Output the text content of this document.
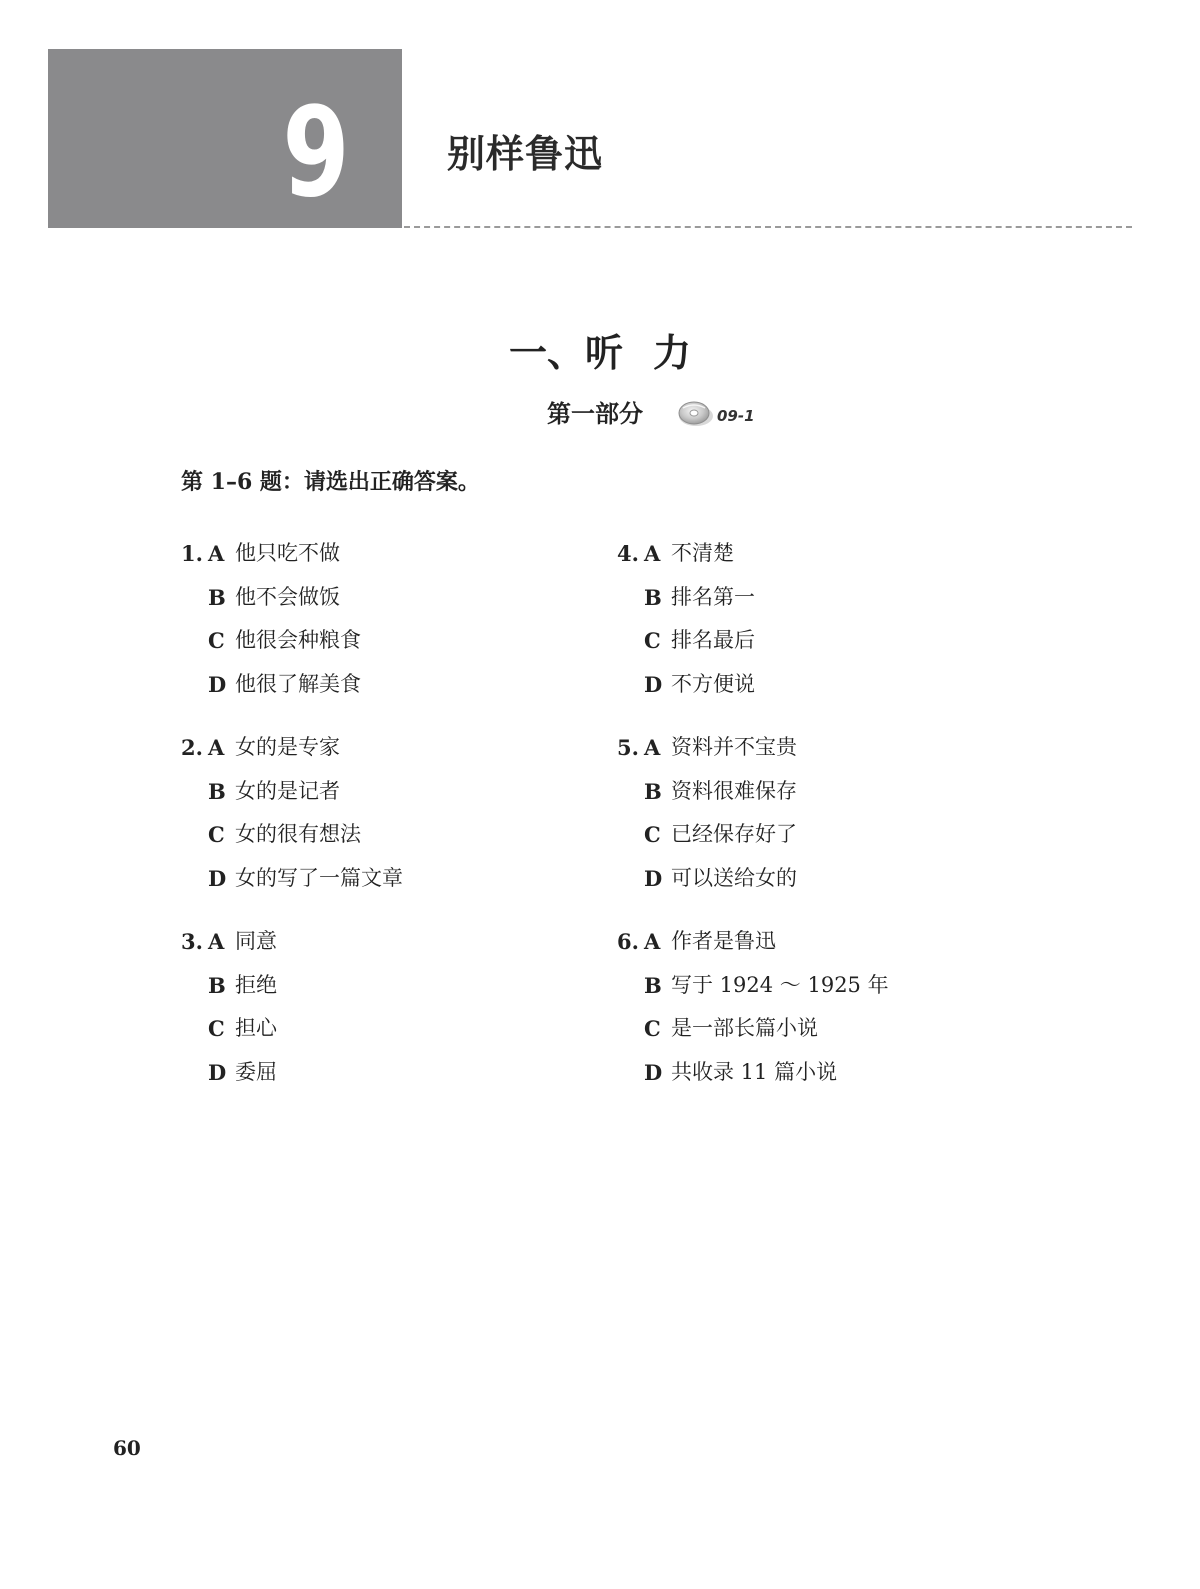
9	别样鲁迅
一、听 力
第一部分	09-1
第 1–6 题：请选出正确答案。
1. A 他只吃不做
B 他不会做饭
C 他很会种粮食
D 他很了解美食
2. A 女的是专家
B 女的是记者
C 女的很有想法
D 女的写了一篇文章
3. A 同意
B 拒绝
C 担心
D 委屈
4. A 不清楚
B 排名第一
C 排名最后
D 不方便说
5. A 资料并不宝贵
B 资料很难保存
C 已经保存好了
D 可以送给女的
6. A 作者是鲁迅
B 写于 1924 ～ 1925 年
C 是一部长篇小说
D 共收录 11 篇小说
60
